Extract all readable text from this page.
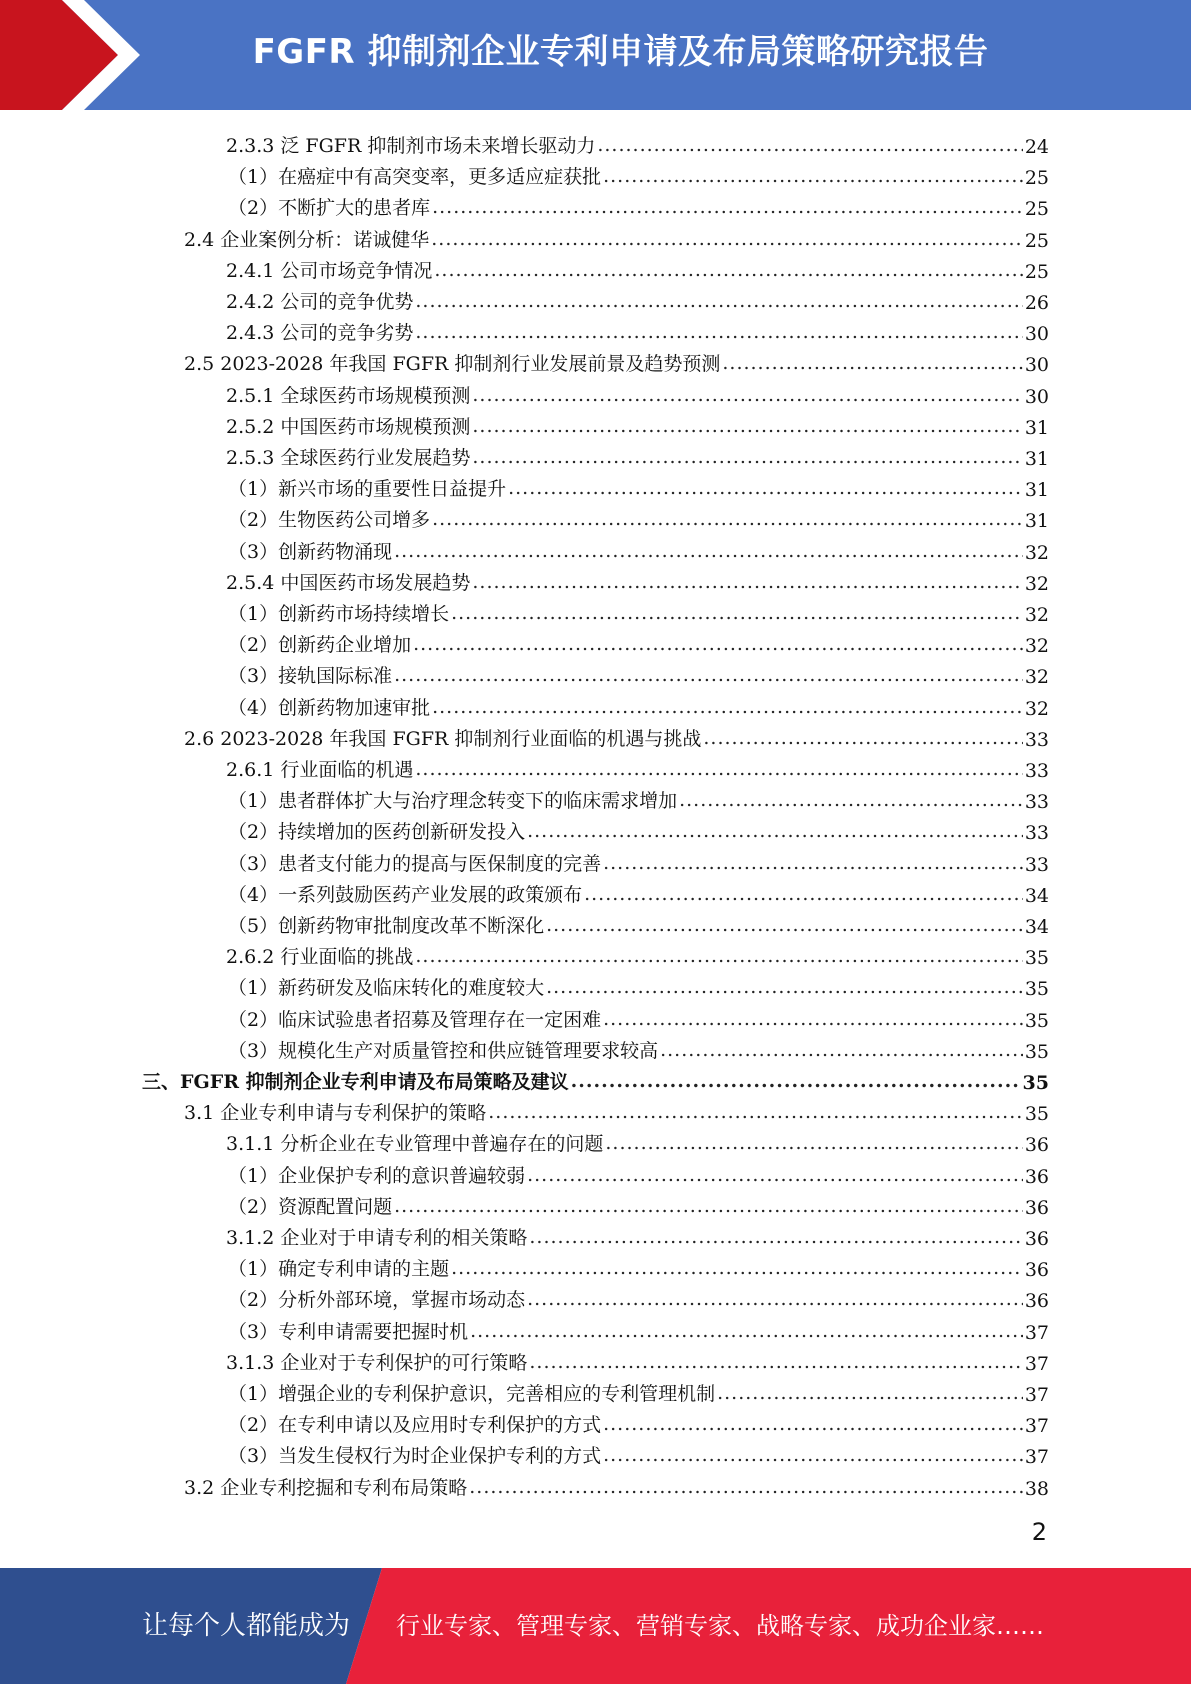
FGFR 抑制剂企业专利申请及布局策略研究报告
2.3.3 泛 FGFR 抑制剂市场未来增长驱动力 .....	24
（1）在癌症中有高突变率，更多适应症获批 .....	25
（2）不断扩大的患者库 .....	25
2.4 企业案例分析：诺诚健华 .....	25
2.4.1 公司市场竞争情况 .....	25
2.4.2 公司的竞争优势 .....	26
2.4.3 公司的竞争劣势 .....	30
2.5 2023-2028 年我国 FGFR 抑制剂行业发展前景及趋势预测 .....	30
2.5.1 全球医药市场规模预测 .....	30
2.5.2 中国医药市场规模预测 .....	31
2.5.3 全球医药行业发展趋势 .....	31
（1）新兴市场的重要性日益提升 .....	31
（2）生物医药公司增多 .....	31
（3）创新药物涌现 .....	32
2.5.4 中国医药市场发展趋势 .....	32
（1）创新药市场持续增长 .....	32
（2）创新药企业增加 .....	32
（3）接轨国际标准 .....	32
（4）创新药物加速审批 .....	32
2.6 2023-2028 年我国 FGFR 抑制剂行业面临的机遇与挑战 .....	33
2.6.1 行业面临的机遇 .....	33
（1）患者群体扩大与治疗理念转变下的临床需求增加 .....	33
（2）持续增加的医药创新研发投入 .....	33
（3）患者支付能力的提高与医保制度的完善 .....	33
（4）一系列鼓励医药产业发展的政策颁布 .....	34
（5）创新药物审批制度改革不断深化 .....	34
2.6.2 行业面临的挑战 .....	35
（1）新药研发及临床转化的难度较大 .....	35
（2）临床试验患者招募及管理存在一定困难 .....	35
（3）规模化生产对质量管控和供应链管理要求较高 .....	35
三、FGFR 抑制剂企业专利申请及布局策略及建议 .....	35
3.1 企业专利申请与专利保护的策略 .....	35
3.1.1 分析企业在专业管理中普遍存在的问题 .....	36
（1）企业保护专利的意识普遍较弱 .....	36
（2）资源配置问题 .....	36
3.1.2 企业对于申请专利的相关策略 .....	36
（1）确定专利申请的主题 .....	36
（2）分析外部环境，掌握市场动态 .....	36
（3）专利申请需要把握时机 .....	37
3.1.3 企业对于专利保护的可行策略 .....	37
（1）增强企业的专利保护意识，完善相应的专利管理机制 .....	37
（2）在专利申请以及应用时专利保护的方式 .....	37
（3）当发生侵权行为时企业保护专利的方式 .....	37
3.2 企业专利挖掘和专利布局策略 .....	38
2
让每个人都能成为 行业专家、管理专家、营销专家、战略专家、成功企业家……
